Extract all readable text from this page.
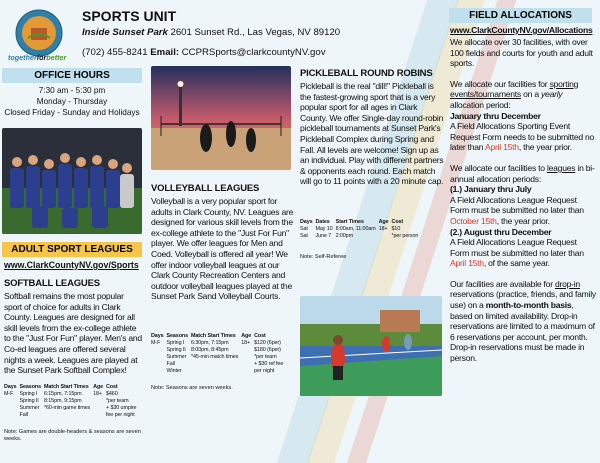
togetherforbetter
SPORTS UNIT
Inside Sunset Park 2601 Sunset Rd., Las Vegas, NV 89120
(702) 455-8241 Email: CCPRSports@clarkcountyNV.gov
OFFICE HOURS
7:30 am - 5:30 pm
Monday - Thursday
Closed Friday - Sunday and Holidays
ADULT SPORT LEAGUES
www.ClarkCountyNV.gov/Sports
SOFTBALL LEAGUES
Softball remains the most popular sport of choice for adults in Clark County. Leagues are designed for all skill levels from the ex-college athlete to the "Just For Fun" player. Men's and Co-ed leagues are offered several nights a week. Leagues are played at the Sunset Park Softball Complex!
Days	Seasons	Match Start Times	Age	Cost
M-F	Spring I	6:15pm, 7:15pm	18+	$460
	Spring II	8:15pm, 9:15pm		*per team
	Summer	*60-min game times		+ $30 umpire
	Fall			fee per night
Note: Games are double-headers & seasons are seven weeks.
VOLLEYBALL LEAGUES
Volleyball is a very popular sport for adults in Clark County, NV. Leagues are designed for various skill levels from the ex-college athlete to the "Just For Fun" player. We offer leagues for Men and Coed. Volleyball is offered all year! We offer indoor volleyball leagues at our Clark County Recreation Centers and outdoor volleyball leagues played at the Sunset Park Sand Volleyball Courts.
Days	Seasons	Match Start Times	Age	Cost
M-F	Spring I	6:30pm, 7:15pm	18+	$120 (6per)
	Spring II	8:00pm, 8:45pm		$180 (6per)
	Summer	*45-min match times		*per team
	Fall			+ $30 ref fee
	Winter			per night
Note: Seasons are seven weeks.
PICKLEBALL ROUND ROBINS
Pickleball is the real "dill!" Pickleball is the fastest-growing sport that is a very popular sport for all ages in Clark County. We offer Single-day round-robin pickleball tournaments at Sunset Park's Pickleball Complex during Spring and Fall. All levels are welcome! Sign up as an individual. Play with different partners & opponents each round. Each match will go to 11 points with a 20 minute cap.
Days	Dates	Start Times	Age	Cost
Sat	May 10	8:00am, 11:00am	18+	$10
Sat	June 7	2:00pm		*per person
Note: Self-Referee
FIELD ALLOCATIONS
www.ClarkCountyNV.gov/Allocations

We allocate over 30 facilities, with over 100 fields and courts for youth and adult sports.

We allocate our facilities for sporting events/tournaments on a yearly allocation period:

January thru December

A Field Allocations Sporting Event Request Form needs to be submitted no later than April 15th, the year prior.

We allocate our facilities to leagues in bi-annual allocation periods:

(1.) January thru July

A Field Allocations League Request Form must be submitted no later than October 15th, the year prior.

(2.) August thru December

A Field Allocations League Request Form must be submitted no later than April 15th, of the same year.

Our facilities are available for drop-in reservations (practice, friends, and family use) on a month-to-month basis, based on limited availability. Drop-in reservations are limited to a maximum of 6 reservations per account, per month. Drop-in reservations must be made in person.
